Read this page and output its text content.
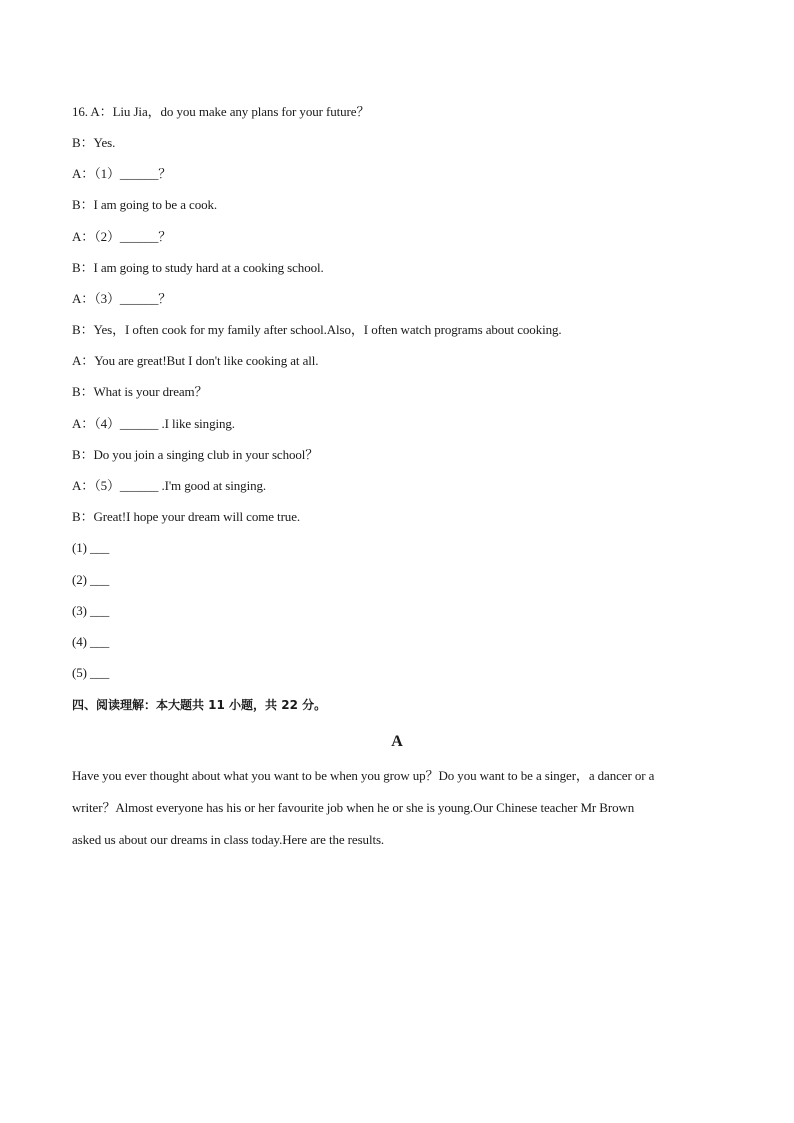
16. A：Liu Jia，do you make any plans for your future？
B：Yes.
A：（1）______？
B：I am going to be a cook.
A：（2）______？
B：I am going to study hard at a cooking school.
A：（3）______？
B：Yes，I often cook for my family after school.Also，I often watch programs about cooking.
A：You are great!But I don't like cooking at all.
B：What is your dream？
A：（4）______ .I like singing.
B：Do you join a singing club in your school？
A：（5）______ .I'm good at singing.
B：Great!I hope your dream will come true.
(1) ___
(2) ___
(3) ___
(4) ___
(5) ___
四、阅读理解：本大题共 11 小题，共 22 分。
A
Have you ever thought about what you want to be when you grow up？Do you want to be a singer，a dancer or a
writer？Almost everyone has his or her favourite job when he or she is young.Our Chinese teacher Mr Brown
asked us about our dreams in class today.Here are the results.
